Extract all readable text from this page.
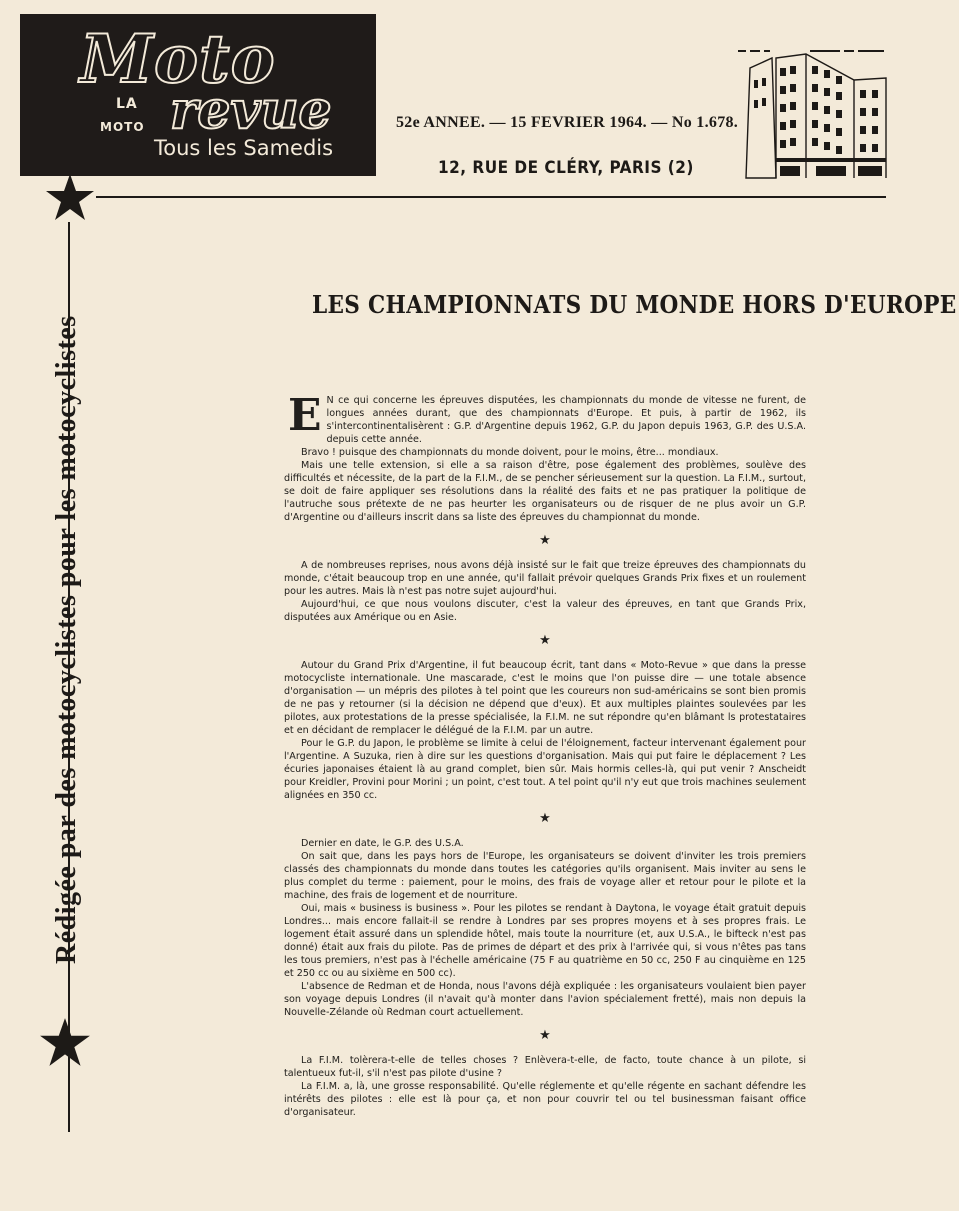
Moto
LA
MOTO revue
Tous les Samedis
52e ANNEE. — 15 FEVRIER 1964. — No 1.678.
12, RUE DE CLÉRY, PARIS (2)
Rédigée par des motocyclistes pour les motocyclistes
LES CHAMPIONNATS DU MONDE HORS D'EUROPE

E N ce qui concerne les épreuves disputées, les championnats du monde de vitesse ne furent, de longues années durant, que des championnats d'Europe. Et puis, à partir de 1962, ils s'intercontinentalisèrent : G.P. d'Argentine depuis 1962, G.P. du Japon depuis 1963, G.P. des U.S.A. depuis cette année.

Bravo ! puisque des championnats du monde doivent, pour le moins, être... mondiaux.

Mais une telle extension, si elle a sa raison d'être, pose également des problèmes, soulève des difficultés et nécessite, de la part de la F.I.M., de se pencher sérieusement sur la question. La F.I.M., surtout, se doit de faire appliquer ses résolutions dans la réalité des faits et ne pas pratiquer la politique de l'autruche sous prétexte de ne pas heurter les organisateurs ou de risquer de ne plus avoir un G.P. d'Argentine ou d'ailleurs inscrit dans sa liste des épreuves du championnat du monde.

★

A de nombreuses reprises, nous avons déjà insisté sur le fait que treize épreuves des championnats du monde, c'était beaucoup trop en une année, qu'il fallait prévoir quelques Grands Prix fixes et un roulement pour les autres. Mais là n'est pas notre sujet aujourd'hui.

Aujourd'hui, ce que nous voulons discuter, c'est la valeur des épreuves, en tant que Grands Prix, disputées aux Amérique ou en Asie.

★

Autour du Grand Prix d'Argentine, il fut beaucoup écrit, tant dans « Moto-Revue » que dans la presse motocycliste internationale. Une mascarade, c'est le moins que l'on puisse dire — une totale absence d'organisation — un mépris des pilotes à tel point que les coureurs non sud-américains se sont bien promis de ne pas y retourner (si la décision ne dépend que d'eux). Et aux multiples plaintes soulevées par les pilotes, aux protestations de la presse spécialisée, la F.I.M. ne sut répondre qu'en blâmant ls protestataires et en décidant de remplacer le délégué de la F.I.M. par un autre.

Pour le G.P. du Japon, le problème se limite à celui de l'éloignement, facteur intervenant également pour l'Argentine. A Suzuka, rien à dire sur les questions d'organisation. Mais qui put faire le déplacement ? Les écuries japonaises étaient là au grand complet, bien sûr. Mais hormis celles-là, qui put venir ? Anscheidt pour Kreidler, Provini pour Morini ; un point, c'est tout. A tel point qu'il n'y eut que trois machines seulement alignées en 350 cc.

★

Dernier en date, le G.P. des U.S.A.

On sait que, dans les pays hors de l'Europe, les organisateurs se doivent d'inviter les trois premiers classés des championnats du monde dans toutes les catégories qu'ils organisent. Mais inviter au sens le plus complet du terme : paiement, pour le moins, des frais de voyage aller et retour pour le pilote et la machine, des frais de logement et de nourriture.

Oui, mais « business is business ». Pour les pilotes se rendant à Daytona, le voyage était gratuit depuis Londres... mais encore fallait-il se rendre à Londres par ses propres moyens et à ses propres frais. Le logement était assuré dans un splendide hôtel, mais toute la nourriture (et, aux U.S.A., le bifteck n'est pas donné) était aux frais du pilote. Pas de primes de départ et des prix à l'arrivée qui, si vous n'êtes pas tans les tous premiers, n'est pas à l'échelle américaine (75 F au quatrième en 50 cc, 250 F au cinquième en 125 et 250 cc ou au sixième en 500 cc).

L'absence de Redman et de Honda, nous l'avons déjà expliquée : les organisateurs voulaient bien payer son voyage depuis Londres (il n'avait qu'à monter dans l'avion spécialement fretté), mais non depuis la Nouvelle-Zélande où Redman court actuellement.

★

La F.I.M. tolèrera-t-elle de telles choses ? Enlèvera-t-elle, de facto, toute chance à un pilote, si talentueux fut-il, s'il n'est pas pilote d'usine ?

La F.I.M. a, là, une grosse responsabilité. Qu'elle réglemente et qu'elle régente en sachant défendre les intérêts des pilotes : elle est là pour ça, et non pour couvrir tel ou tel businessman faisant office d'organisateur.
